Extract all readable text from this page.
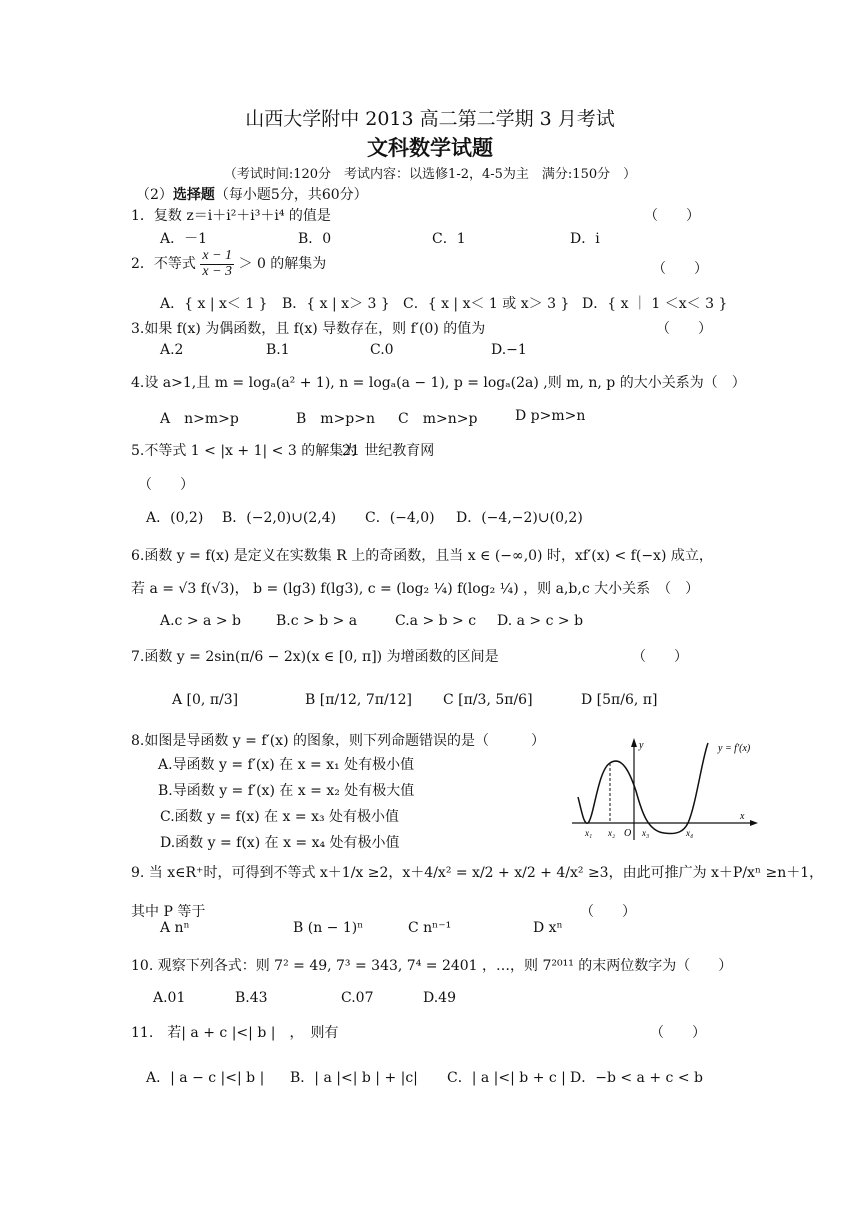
山西大学附中 2013 高二第二学期 3 月考试
文科数学试题
（考试时间:120分　考试内容：以选修1-2，4-5为主　满分:150分　）
（2）选择题（每小题5分，共60分）
1．复数 z＝i＋i²＋i³＋i⁴ 的值是	（　　）
A．－1	B．0	C．1	D．i
2．不等式 $\frac{x - 1}{x - 3} > 0$ 的解集为	（　　）
A．{ x | x＜ 1 } B．{ x | x＞ 3 } C．{ x | x＜ 1 或 x＞ 3 } D．{ x ｜ 1 ＜x＜ 3 }
3.如果 f(x) 为偶函数，且 f(x) 导数存在，则 f′(0) 的值为	（　　）
A.2	B.1	C.0	D.−1
4.设 a>1,且 m = logₐ(a² + 1), n = logₐ(a − 1), p = logₐ(2a) ,则 m, n, p 的大小关系为（　）
A　n>m>p	B　m>p>n C　m>n>p	D p>m>n
5.不等式 1 < |x + 1| < 3 的解集为
21 世纪教育网
（　　）
A．(0,2) B．(−2,0)∪(2,4) C．(−4,0) D．(−4,−2)∪(0,2)
6.函数 y = f(x) 是定义在实数集 R 上的奇函数，且当 x ∈ (−∞,0) 时，xf′(x) < f(−x) 成立，
若 a = √3 f(√3)， b = (lg3) f(lg3), c = (log₂ ¼) f(log₂ ¼) ，则 a,b,c 大小关系　（　）
A.c > a > b	B.c > b > a	C.a > b > c D. a > c > b
7.函数 y = 2sin(π/6 − 2x)(x ∈ [0, π]) 为增函数的区间是	（　　）
A [0, π/3]	B [π/12, 7π/12] C [π/3, 5π/6]	D [5π/6, π]
8.如图是导函数 y = f′(x) 的图象，则下列命题错误的是（　　　）
A.导函数 y = f′(x) 在 x = x₁ 处有极小值
B.导函数 y = f′(x) 在 x = x₂ 处有极大值
C.函数 y = f(x) 在 x = x₃ 处有极小值
D.函数 y = f(x) 在 x = x₄ 处有极小值
y	y = f′(x)
x
O
x₁ x₂	x₃	x₄
9. 当 x∈R⁺时，可得到不等式 x＋1/x ≥2，x＋4/x² = x/2 + x/2 + 4/x² ≥3，由此可推广为 x＋P/xⁿ ≥n＋1，
其中 P 等于	（　　）
A nⁿ	B (n − 1)ⁿ	C nⁿ⁻¹	D xⁿ
10. 观察下列各式：则 7² = 49, 7³ = 343, 7⁴ = 2401 ，…，则 7²⁰¹¹ 的末两位数字为（　　）
A.01	B.43	C.07	D.49
11.　若| a + c |<| b |　，　则有	（　　）
A．| a − c |<| b | B．| a |<| b | + |c| C．| a |<| b + c | D．−b < a + c < b
